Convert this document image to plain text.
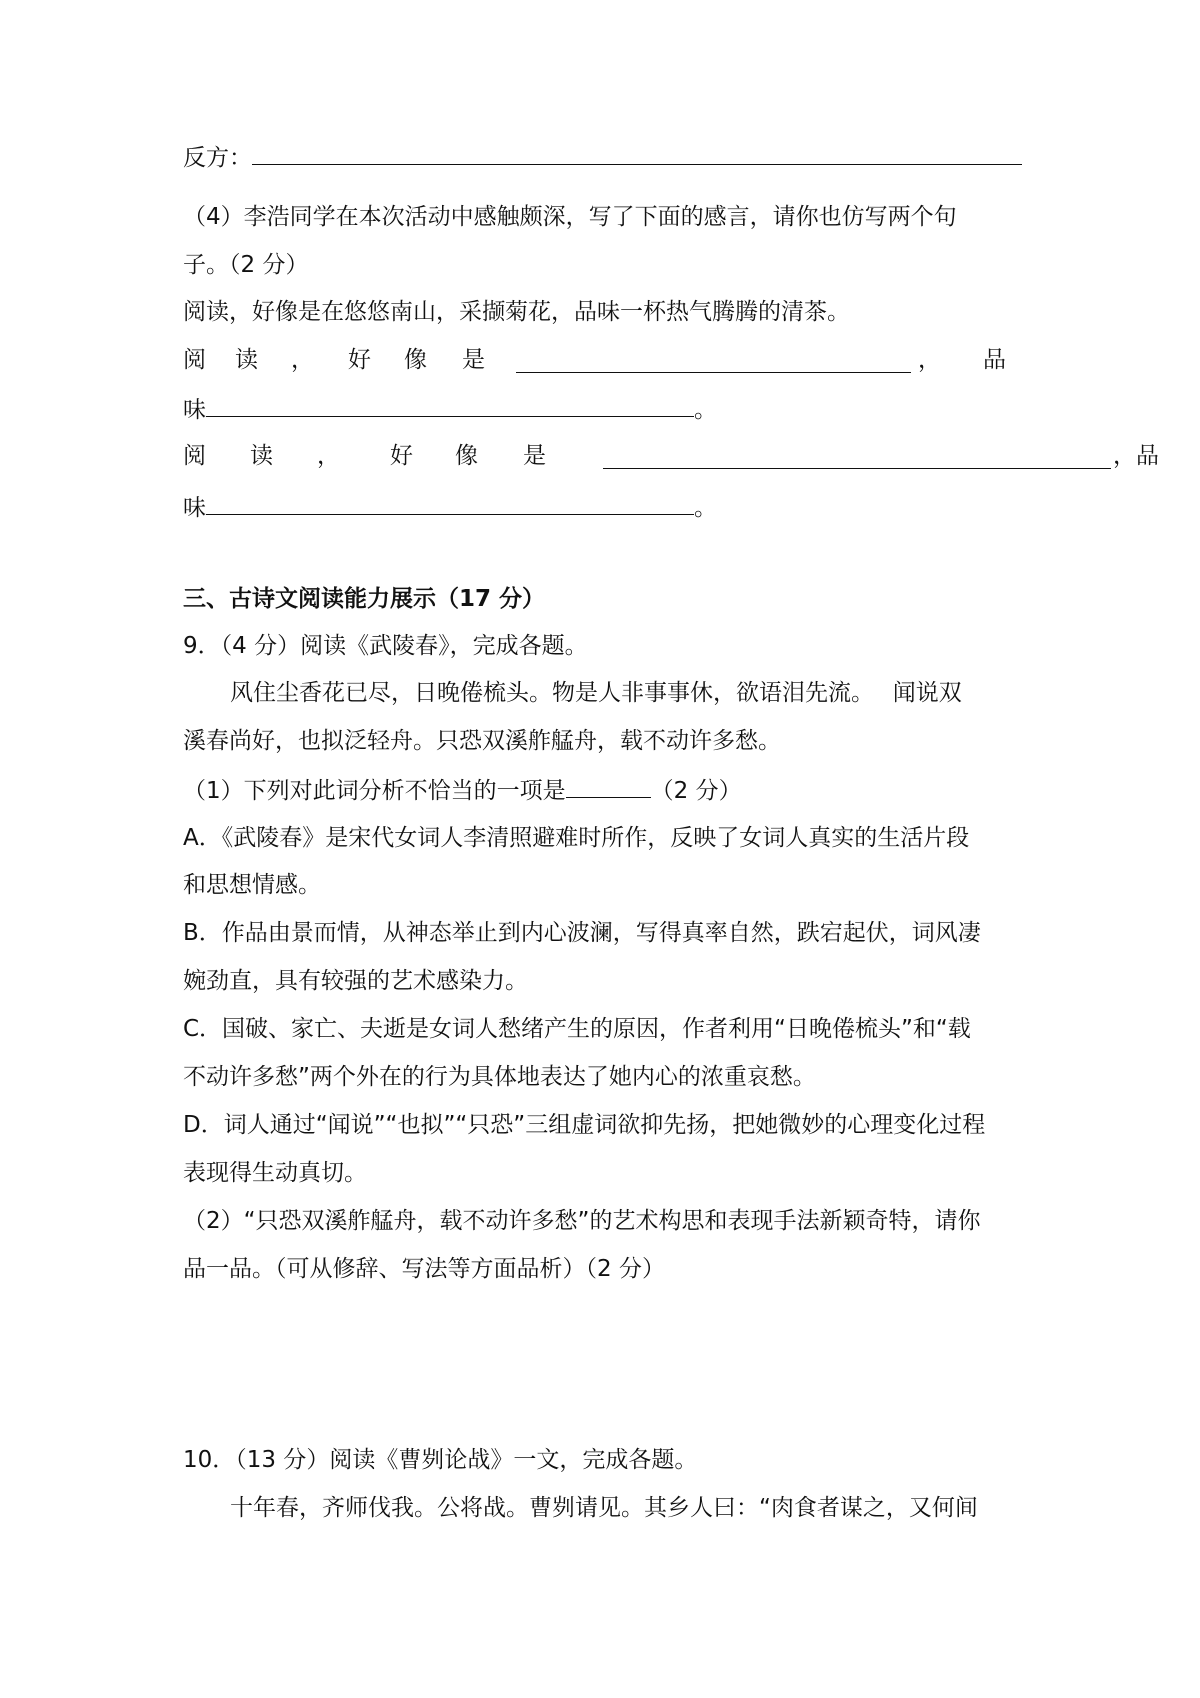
反方：
（4）李浩同学在本次活动中感触颇深，写了下面的感言，请你也仿写两个句
子。（2 分）
阅读，好像是在悠悠南山，采撷菊花，品味一杯热气腾腾的清茶。
阅 读 ， 好 像 是	， 品
味	。
阅 读 ， 好 像 是	，品
味	。
三、古诗文阅读能力展示（17 分）
9．（4 分）阅读《武陵春》，完成各题。
风住尘香花已尽，日晚倦梳头。物是人非事事休，欲语泪先流。　 闻说双
溪春尚好，也拟泛轻舟。只恐双溪舴艋舟，载不动许多愁。
（1）下列对此词分析不恰当的一项是	（2 分）
A．《武陵春》是宋代女词人李清照避难时所作，反映了女词人真实的生活片段
和思想情感。
B．作品由景而情，从神态举止到内心波澜，写得真率自然，跌宕起伏，词风凄
婉劲直，具有较强的艺术感染力。
C．国破、家亡、夫逝是女词人愁绪产生的原因，作者利用“日晚倦梳头”和“载
不动许多愁”两个外在的行为具体地表达了她内心的浓重哀愁。
D．词人通过“闻说”“也拟”“只恐”三组虚词欲抑先扬，把她微妙的心理变化过程
表现得生动真切。
（2）“只恐双溪舴艋舟，载不动许多愁”的艺术构思和表现手法新颖奇特，请你
品一品。（可从修辞、写法等方面品析）（2 分）
10．（13 分）阅读《曹刿论战》一文，完成各题。
十年春，齐师伐我。公将战。曹刿请见。其乡人曰：“肉食者谋之，又何间
